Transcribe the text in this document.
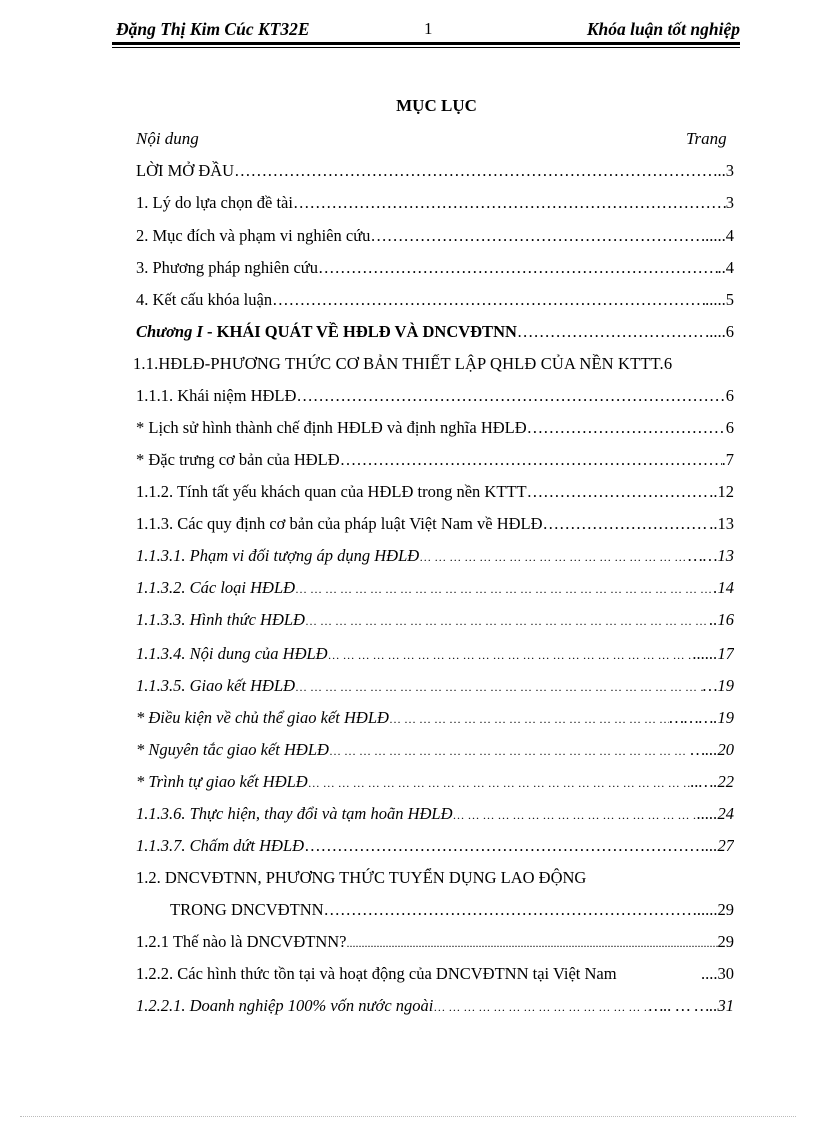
Đặng Thị Kim Cúc KT32E	1	Khóa luận tốt nghiệp
MỤC LỤC
Nội dung	Trang
LỜI MỞ ĐẦU ………………………………………………………………………………………………………………………………	..3
1. Lý do lựa chọn đề tài ………………………………………………………………………………………………………………………………	3
2. Mục đích và phạm vi nghiên cứu ………………………………………………………………………………………………………………………………	.....4
3. Phương pháp nghiên cứu ………………………………………………………………………………………………………………………………	..4
4. Kết cấu khóa luận ………………………………………………………………………………………………………………………………	.....5
Chương I - KHÁI QUÁT VỀ HĐLĐ VÀ DNCVĐTNN ………………………………………………………	.....6
1.1.HĐLĐ-PHƯƠNG THỨC CƠ BẢN THIẾT LẬP QHLĐ CỦA NỀN KTTT.6
1.1.1. Khái niệm HĐLĐ ………………………………………………………………………………………………………………………………	6
* Lịch sử hình thành chế định HĐLĐ và định nghĩa HĐLĐ ………………………………………………………………………………………………………………………………	6
* Đặc trưng cơ bản của HĐLĐ ………………………………………………………………………………………………………………………………	.7
1.1.2. Tính tất yếu khách quan của HĐLĐ trong nền KTTT ………………………………………………………………………………………………………………………………	..12
1.1.3. Các quy định cơ bản của pháp luật Việt Nam về HĐLĐ ………………………………………………………………………………………………………………………………	..13
1.1.3.1. Phạm vi đối tượng áp dụng HĐLĐ … … … … … … … … … … … … … … … … … … … … … … … … … … … … … … … … … … … … … … … … … … …	……13
1.1.3.2. Các loại HĐLĐ … … … … … … … … … … … … … … … … … … … … … … … … … … … … … … … … … … … … … … … … … … …	.14
1.1.3.3. Hình thức HĐLĐ … … … … … … … … … … … … … … … … … … … … … … … … … … … … … … … … … … … … … … … … … … …	..16
1.1.3.4. Nội dung của HĐLĐ … … … … … … … … … … … … … … … … … … … … … … … … … … … … … … … … … … … … … … … … … … …	......17
1.1.3.5. Giao kết HĐLĐ … … … … … … … … … … … … … … … … … … … … … … … … … … … … … … … … … … … … … … … … … … …	…19
* Điều kiện về chủ thể giao kết HĐLĐ … … … … … … … … … … … … … … … … … … … … … … … … … … … … … … … … … … … … … … … … … … …	……….19
* Nguyên tắc giao kết HĐLĐ … … … … … … … … … … … … … … … … … … … … … … … … … … … … … … … … … … … … … … … … … … …	…...20
* Trình tự giao kết HĐLĐ … … … … … … … … … … … … … … … … … … … … … … … … … … … … … … … … … … … … … … … … … … …	..….22
1.1.3.6. Thực hiện, thay đổi và tạm hoãn HĐLĐ … … … … … … … … … … … … … … … … … … … … … … … … … … … … … … … … … … … … … … … … … … …	.....24
1.1.3.7. Chấm dứt HĐLĐ ………………………………………………………………………………………………………………………………	....27
1.2. DNCVĐTNN, PHƯƠNG THỨC TUYỂN DỤNG LAO ĐỘNG
TRONG DNCVĐTNN ………………………………………………………………………………………………………………………………	.....29
1.2.1 Thế nào là DNCVĐTNN? .....	29
1.2.2. Các hình thức tồn tại và hoạt động của DNCVĐTNN tại Việt Nam	....30
1.2.2.1. Doanh nghiệp 100% vốn nước ngoài … … … … … … … … … … … … … … … … … … … … … … … … … … … … … … … … … … … … … … … … … … …	….. … …..31
